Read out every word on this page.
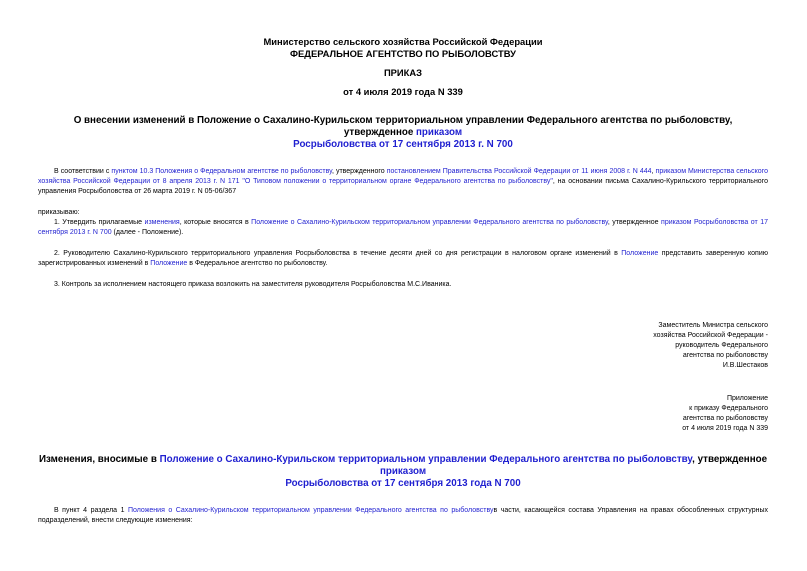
Министерство сельского хозяйства Российской Федерации
ФЕДЕРАЛЬНОЕ АГЕНТСТВО ПО РЫБОЛОВСТВУ
ПРИКАЗ
от 4 июля 2019 года N 339
О внесении изменений в Положение о Сахалино-Курильском территориальном управлении Федерального агентства по рыболовству, утвержденное приказом
Росрыболовства от 17 сентября 2013 г. N 700
В соответствии с пунктом 10.3 Положения о Федеральном агентстве по рыболовству, утвержденного постановлением Правительства Российской Федерации от 11 июня 2008 г. N 444, приказом Министерства сельского хозяйства Российской Федерации от 8 апреля 2013 г. N 171 "О Типовом положении о территориальном органе Федерального агентства по рыболовству", на основании письма Сахалино-Курильского территориального управления Росрыболовства от 26 марта 2019 г. N 05-06/367
приказываю:
1. Утвердить прилагаемые изменения, которые вносятся в Положение о Сахалино-Курильском территориальном управлении Федерального агентства по рыболовству, утвержденное приказом Росрыболовства от 17 сентября 2013 г. N 700 (далее - Положение).
2. Руководителю Сахалино-Курильского территориального управления Росрыболовства в течение десяти дней со дня регистрации в налоговом органе изменений в Положение представить заверенную копию зарегистрированных изменений в Положение в Федеральное агентство по рыболовству.
3. Контроль за исполнением настоящего приказа возложить на заместителя руководителя Росрыболовства М.С.Иваника.
Заместитель Министра сельского
хозяйства Российской Федерации -
руководитель Федерального
агентства по рыболовству
И.В.Шестаков
Приложение
к приказу Федерального
агентства по рыболовству
от 4 июля 2019 года N 339
Изменения, вносимые в Положение о Сахалино-Курильском территориальном управлении Федерального агентства по рыболовству, утвержденное приказом
Росрыболовства от 17 сентября 2013 года N 700
В пункт 4 раздела 1 Положения о Сахалино-Курильском территориальном управлении Федерального агентства по рыболовствув части, касающейся состава Управления на правах обособленных структурных подразделений, внести следующие изменения:
